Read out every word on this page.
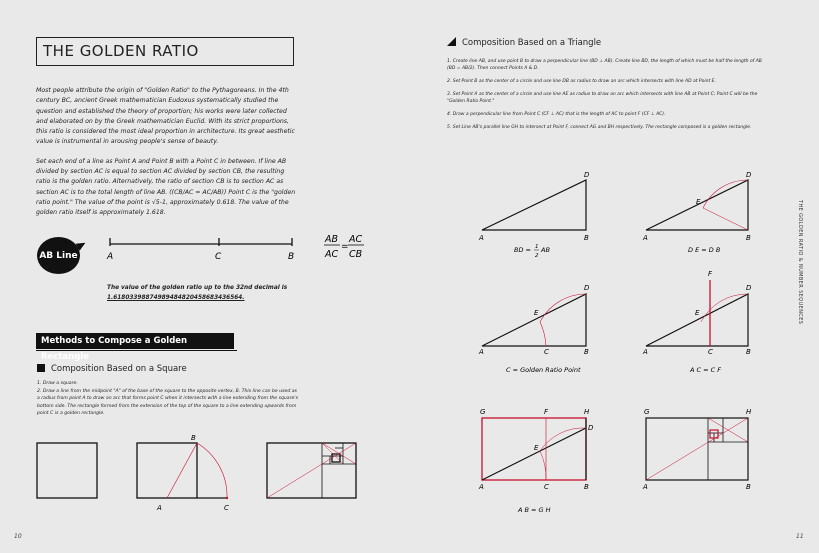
THE GOLDEN RATIO

Most people attribute the origin of "Golden Ratio" to the Pythagoreans. In the 4th century BC, ancient Greek mathematician Eudoxus systematically studied the question and established the theory of proportion; his works were later collected and elaborated on by the Greek mathematician Euclid. With its strict proportions, this ratio is considered the most ideal proportion in architecture. Its great aesthetic value is instrumental in arousing people's sense of beauty.

Set each end of a line as Point A and Point B with a Point C in between. If line AB divided by section AC is equal to section AC divided by section CB, the resulting ratio is the golden ratio. Alternatively, the ratio of section CB is to section AC as section AC is to the total length of line AB. ((CB/AC = AC/AB)) Point C is the "golden ratio point." The value of the point is √5-1, approximately 0.618. The value of the golden ratio itself is approximately 1.618.

AB Line	A	C	B
AB
AC
=
AC
CB
The value of the golden ratio up to the 32nd decimal is
1.61803398874989484820458683436564.
Methods to Compose a Golden Rectangle
Composition Based on a Square

1. Draw a square.

2. Draw a line from the midpoint "A" of the base of the square to the opposite vertex, B. This line can be used as a radius from point A to draw an arc that forms point C when it intersects with a line extending from the square's bottom side. The rectangle formed from the extension of the top of the square to a line extending upwards from point C is a golden rectangle.

B
A	C
10
Composition Based on a Triangle

1. Create line AB, and use point B to draw a perpendicular line (BD ⊥ AB). Create line BD, the length of which must be half the length of AB (BD = AB/2). Then connect Points A & D.

2. Set Point B as the center of a circle and use line DB as radius to draw an arc which intersects with line AD at Point E.

3. Set Point A as the center of a circle and use line AE as radius to draw an arc which intersects with line AB at Point C; Point C will be the "Golden Ratio Point."

4. Draw a perpendicular line from Point C (CF ⊥ AC) that is the length of AC to point F (CF ⊥ AC).

5. Set Line AB's parallel line GH to intersect at Point F, connect AG and BH respectively. The rectangle composed is a golden rectangle.

THE GOLDEN RATIO & NUMBER SEQUENCES
A	B
D
A	B
D
E
BD = 1
2
AB	D E = D B
A	C	B
D
E
A	C	B
D
E
F
C = Golden Ratio Point	A C = C F
G	F	H
D
E
A	C	B
A B = G H
G	H
A	B
11
